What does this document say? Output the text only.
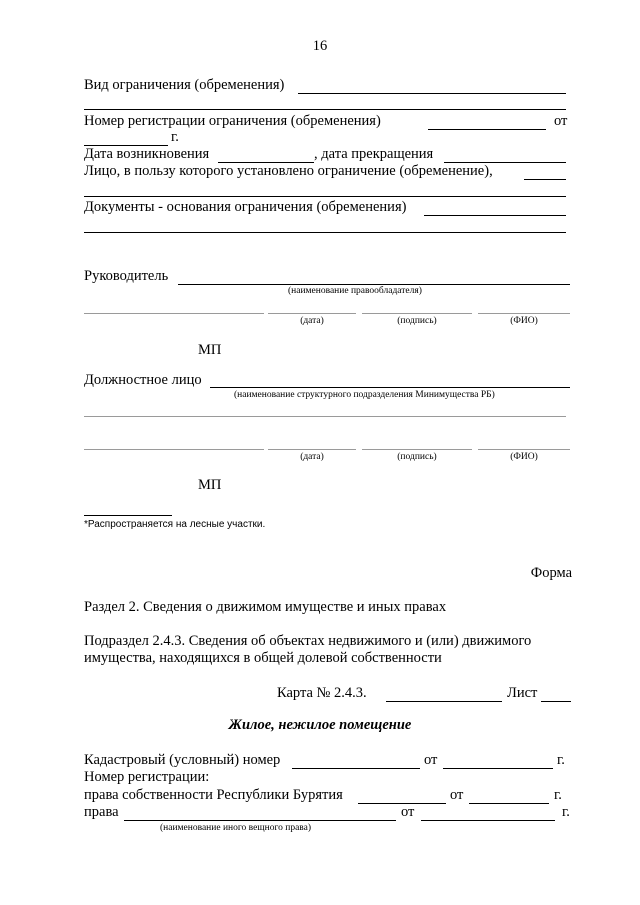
16
Вид ограничения (обременения)
Номер регистрации ограничения (обременения)	от
г.
Дата возникновения	, дата прекращения
Лицо, в пользу которого установлено ограничение (обременение),
Документы - основания ограничения (обременения)
Руководитель
(наименование правообладателя)
(дата)	(подпись)	(ФИО)
МП
Должностное лицо
(наименование структурного подразделения Минимущества РБ)
(дата)	(подпись)	(ФИО)
МП
*Распространяется на лесные участки.
Форма
Раздел 2. Сведения о движимом имуществе и иных правах
Подраздел 2.4.3. Сведения об объектах недвижимого и (или) движимого
имущества, находящихся в общей долевой собственности
Карта № 2.4.3.	Лист
Жилое, нежилое помещение
Кадастровый (условный) номер	от	г.
Номер регистрации:
права собственности Республики Бурятия	от	г.
права	от	г.
(наименование иного вещного права)
